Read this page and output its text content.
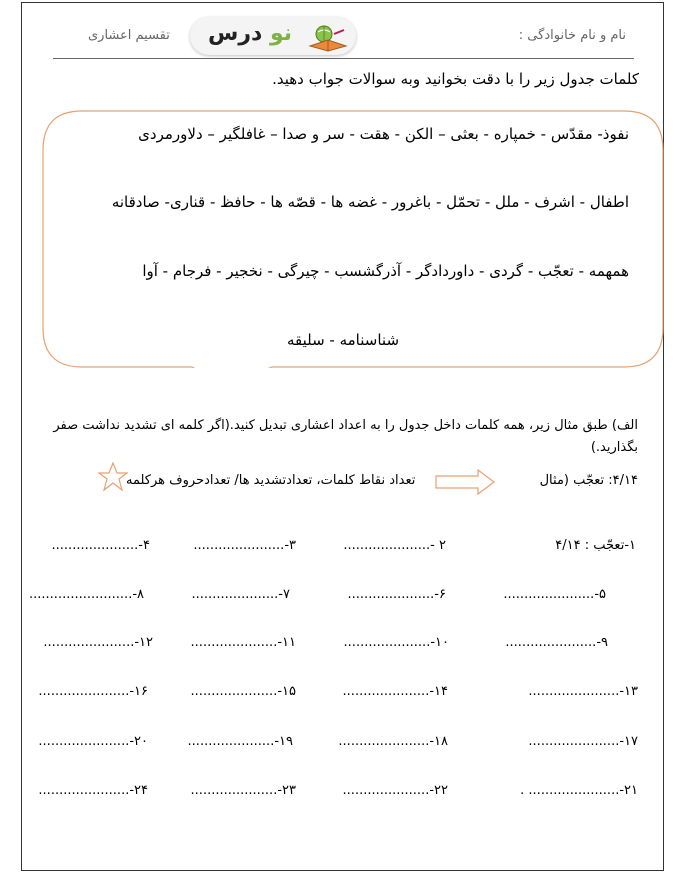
نام و نام خانوادگی :
تقسیم اعشاری	نو درس
کلمات جدول زیر را با دقت بخوانید وبه سوالات جواب دهید.
نفوذ- مقدّس - خمپاره - بعثی – الکن - هقت - سر و صدا – غافلگیر – دلاورمردی
اطفال - اشرف - ملل - تحمّل - باغرور - غضه ها - قصّه ها - حافظ - قناری- صادقانه
همهمه - تعجّب - گردی - داوردادگر - آذرگشسب - چیرگی - نخجیر - فرجام - آوا
شناسنامه - سلیقه
الف) طبق مثال زیر، همه کلمات داخل جدول را به اعداد اعشاری تبدیل کنید.(اگر کلمه ای تشدید نداشت صفر بگذارید.)
۴/۱۴: تعجّب (مثال
تعداد نقاط کلمات، تعدادتشدید ها/ تعدادحروف هرکلمه
۱-تعجّب : ۴/۱۴
۲ -.....................
۳-......................
۴-.....................
۵-......................
۶-.....................
۷-.....................
۸-.........................
۹-......................
۱۰-.....................
۱۱-.....................
۱۲-......................
۱۳-......................
۱۴-.....................
۱۵-.....................
۱۶-......................
۱۷-......................
۱۸-......................
۱۹-.....................
۲۰-......................
۲۱-...................... .
۲۲-.....................
۲۳-.....................
۲۴-......................
